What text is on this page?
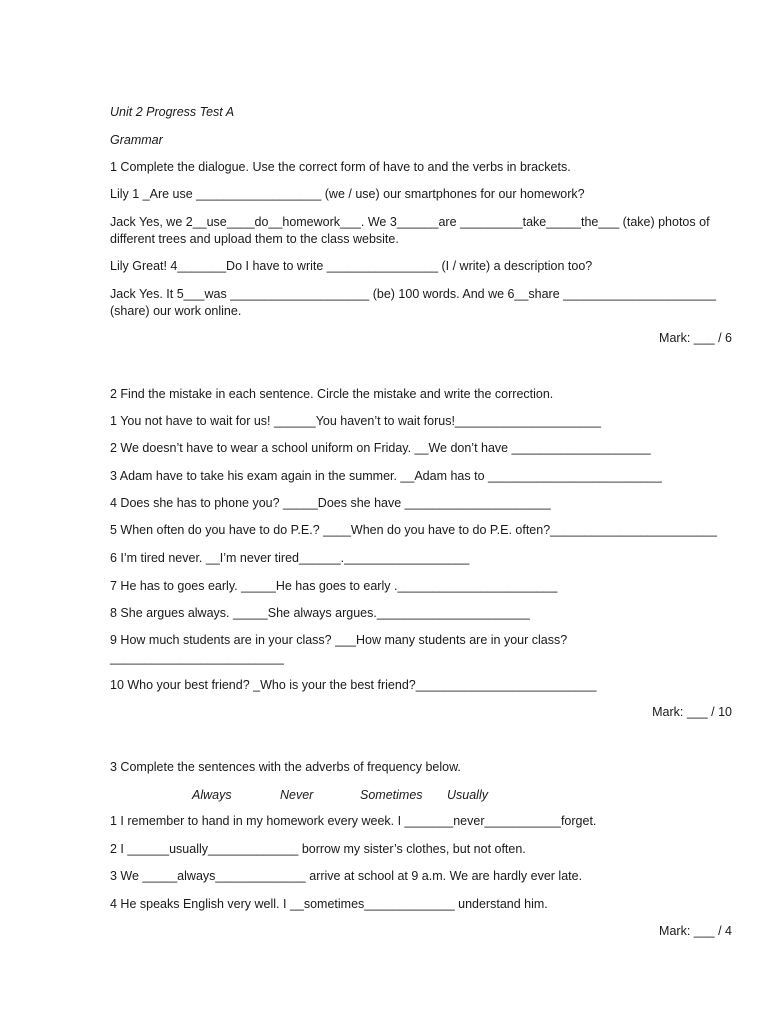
Unit 2 Progress Test A
Grammar
1 Complete the dialogue. Use the correct form of have to and the verbs in brackets.
Lily 1 _Are use __________________ (we / use) our smartphones for our homework?
Jack Yes, we 2__use____do__homework___. We 3______are _________take_____the___ (take) photos of
different trees and upload them to the class website.
Lily Great! 4_______Do I have to write ________________ (I / write) a description too?
Jack Yes. It 5___was ____________________ (be) 100 words. And we 6__share ______________________
(share) our work online.
Mark: ___ / 6
2 Find the mistake in each sentence. Circle the mistake and write the correction.
1 You not have to wait for us! ______You haven’t to wait forus!_____________________
2 We doesn’t have to wear a school uniform on Friday. __We don’t have ____________________
3 Adam have to take his exam again in the summer. __Adam has to _________________________
4 Does she has to phone you? _____Does she have _____________________
5 When often do you have to do P.E.? ____When do you have to do P.E. often?________________________
6 I’m tired never. __I’m never tired______.__________________
7 He has to goes early. _____He has goes to early ._______________________
8 She argues always. _____She always argues.______________________
9 How much students are in your class? ___How many students are in your class?
_________________________
10 Who your best friend? _Who is your the best friend?__________________________
Mark: ___ / 10
3 Complete the sentences with the adverbs of frequency below.
Always	Never	Sometimes Usually
1 I remember to hand in my homework every week. I _______never___________forget.
2 I ______usually_____________ borrow my sister’s clothes, but not often.
3 We _____always_____________ arrive at school at 9 a.m. We are hardly ever late.
4 He speaks English very well. I __sometimes_____________ understand him.
Mark: ___ / 4
